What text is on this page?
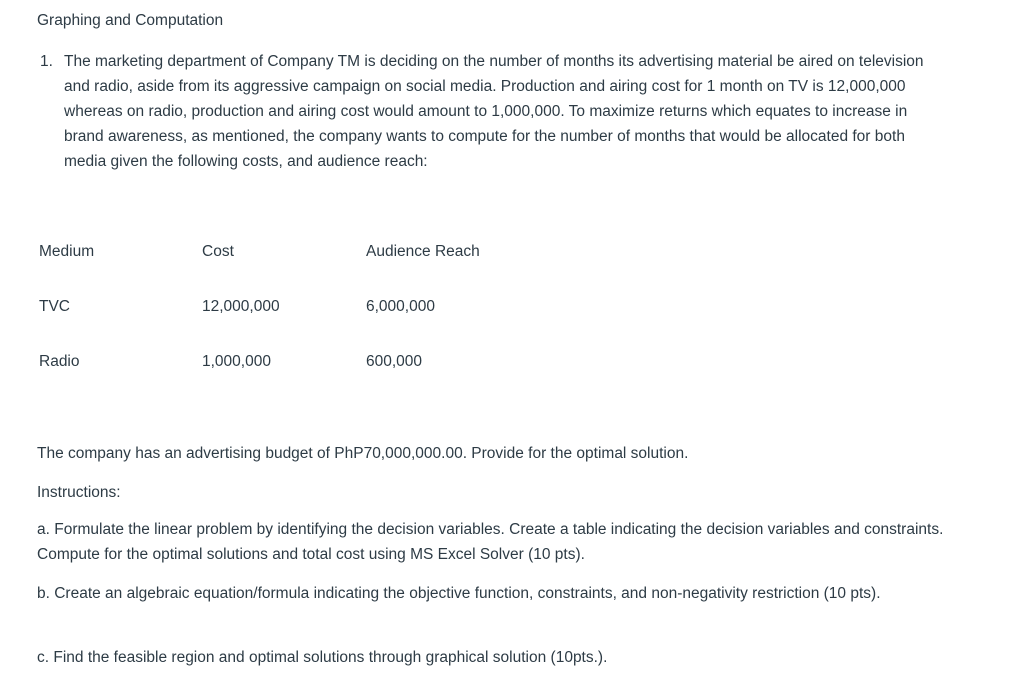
Graphing and Computation
1. The marketing department of Company TM is deciding on the number of months its advertising material be aired on television and radio, aside from its aggressive campaign on social media. Production and airing cost for 1 month on TV is 12,000,000 whereas on radio, production and airing cost would amount to 1,000,000. To maximize returns which equates to increase in brand awareness, as mentioned, the company wants to compute for the number of months that would be allocated for both media given the following costs, and audience reach:
Medium	Cost	Audience Reach
TVC	12,000,000	6,000,000
Radio	1,000,000	600,000
The company has an advertising budget of PhP70,000,000.00. Provide for the optimal solution.
Instructions:
a. Formulate the linear problem by identifying the decision variables. Create a table indicating the decision variables and constraints. Compute for the optimal solutions and total cost using MS Excel Solver (10 pts).
b. Create an algebraic equation/formula indicating the objective function, constraints, and non-negativity restriction (10 pts).
c. Find the feasible region and optimal solutions through graphical solution (10pts.).
